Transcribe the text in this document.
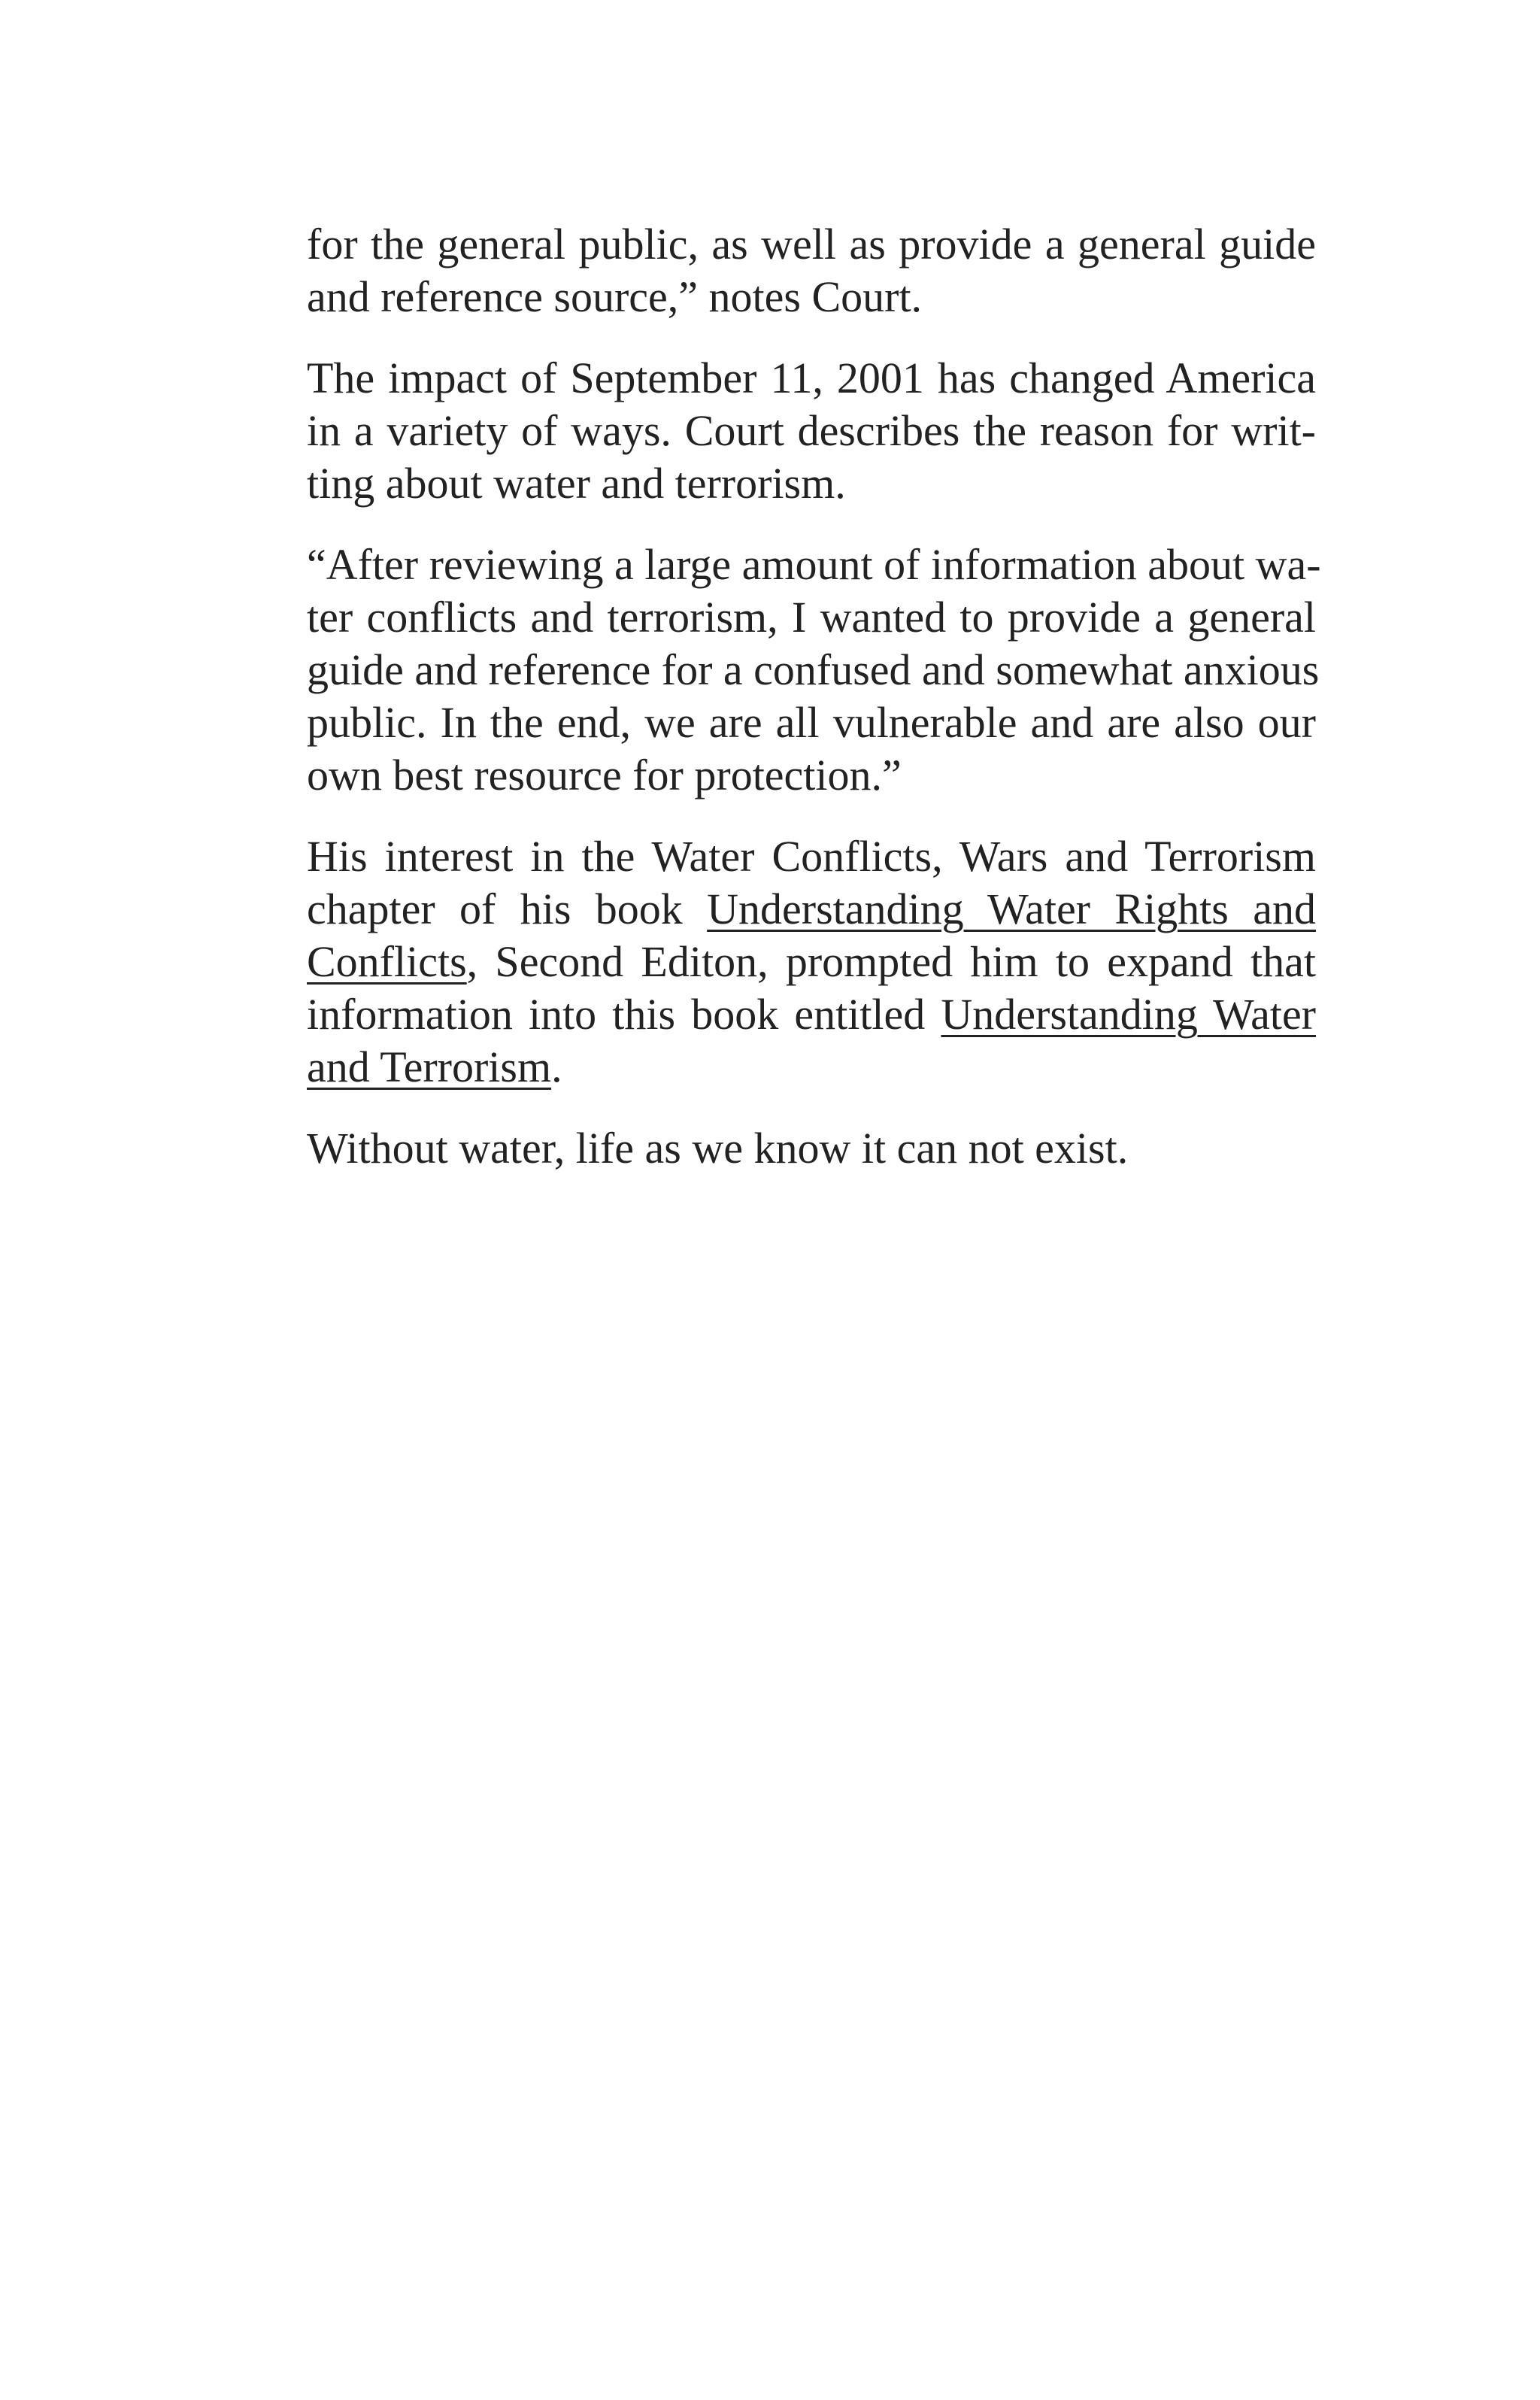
for the general public, as well as provide a general guide
and reference source,” notes Court.

The impact of September 11, 2001 has changed America
in a variety of ways. Court describes the reason for writ-
ting about water and terrorism.

“After reviewing a large amount of information about wa-
ter conflicts and terrorism, I wanted to provide a general
guide and reference for a confused and somewhat anxious
public. In the end, we are all vulnerable and are also our
own best resource for protection.”

His interest in the Water Conflicts, Wars and Terrorism
chapter of his book Understanding Water Rights and
Conflicts, Second Editon, prompted him to expand that
information into this book entitled Understanding Water
and Terrorism.

Without water, life as we know it can not exist.
